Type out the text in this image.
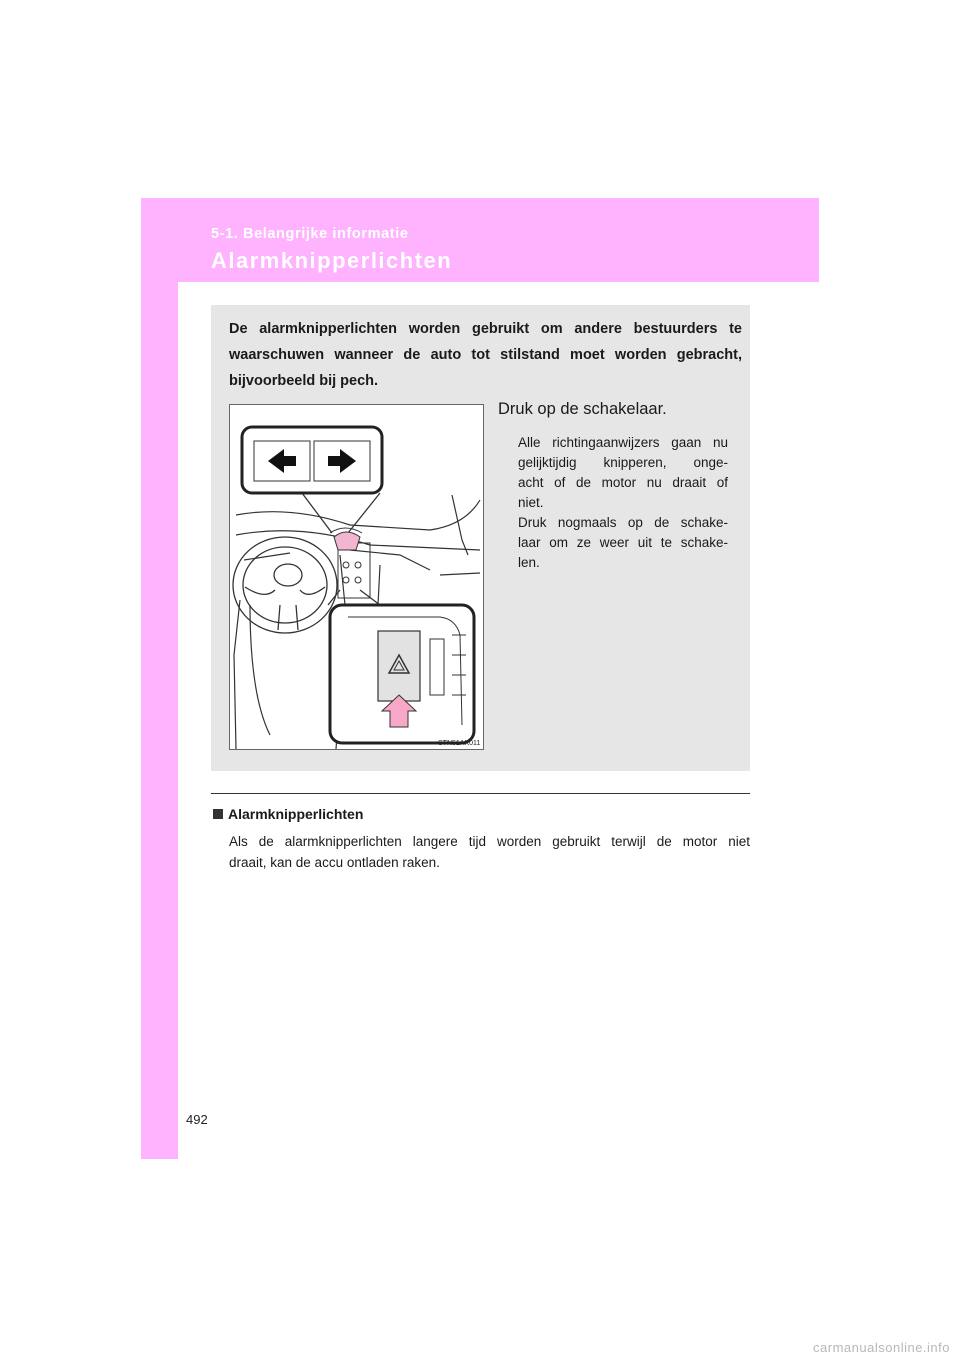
5-1. Belangrijke informatie
Alarmknipperlichten
De alarmknipperlichten worden gebruikt om andere bestuurders te
waarschuwen wanneer de auto tot stilstand moet worden gebracht,
bijvoorbeeld bij pech.
STN51AK011
Druk op de schakelaar.
Alle richtingaanwijzers gaan nu
gelijktijdig knipperen, onge-
acht of de motor nu draait of
niet.
Druk nogmaals op de schake-
laar om ze weer uit te schake-
len.
Alarmknipperlichten
Als de alarmknipperlichten langere tijd worden gebruikt terwijl de motor niet
draait, kan de accu ontladen raken.
492
carmanualsonline.info
